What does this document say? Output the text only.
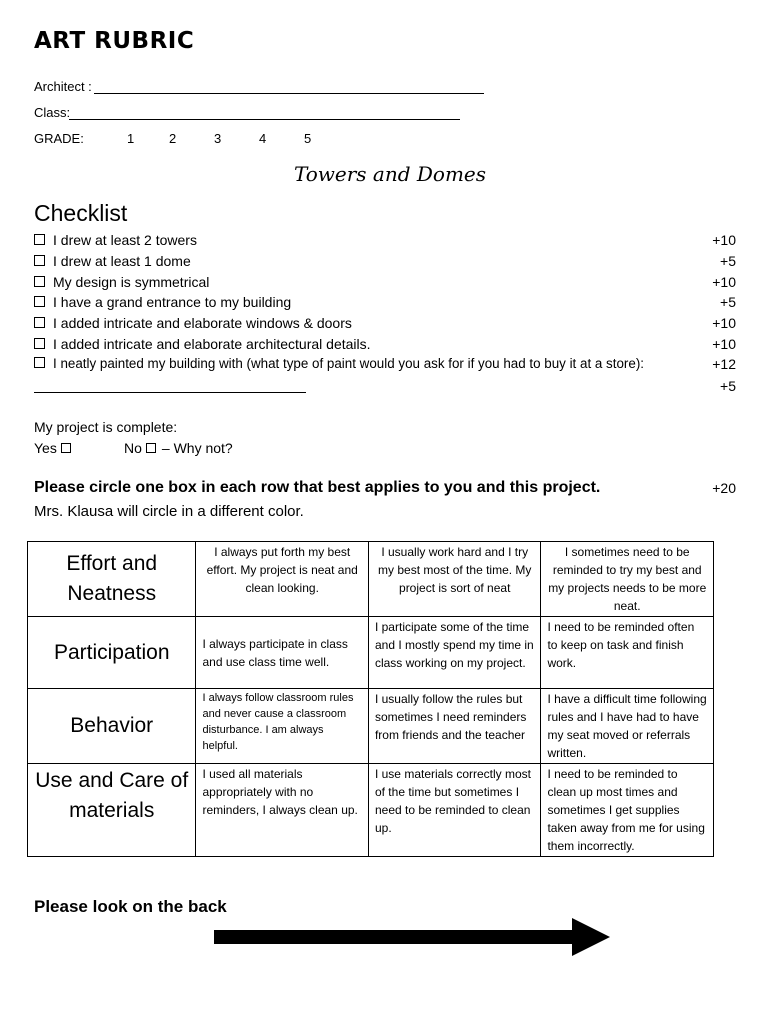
ART RUBRIC
Architect :
Class:
GRADE:	1	2	3	4	5
Towers and Domes
Checklist
I drew at least 2 towers	+10
I drew at least 1 dome	+5
My design is symmetrical	+10
I have a grand entrance to my building	+5
I added intricate and elaborate windows & doors	+10
I added intricate and elaborate architectural details.	+10
I neatly painted my building with (what type of paint would you ask for if you had to buy it at a store):	+12
+5
My project is complete:
Yes	No – Why not?
Please circle one box in each row that best applies to you and this project.	+20
Mrs. Klausa will circle in a different color.
Effort and Neatness	I always put forth my best effort. My project is neat and clean looking.	I usually work hard and I try my best most of the time. My project is sort of neat	I sometimes need to be reminded to try my best and my projects needs to be more neat.
Participation	I always participate in class and use class time well.	I participate some of the time and I mostly spend my time in class working on my project.	I need to be reminded often to keep on task and finish work.
Behavior	I always follow classroom rules and never cause a classroom disturbance. I am always helpful.	I usually follow the rules but sometimes I need reminders from friends and the teacher	I have a difficult time following rules and I have had to have my seat moved or referrals written.
Use and Care of materials	I used all materials appropriately with no reminders, I always clean up.	I use materials correctly most of the time but sometimes I need to be reminded to clean up.	I need to be reminded to clean up most times and sometimes I get supplies taken away from me for using them incorrectly.
Please look on the back
